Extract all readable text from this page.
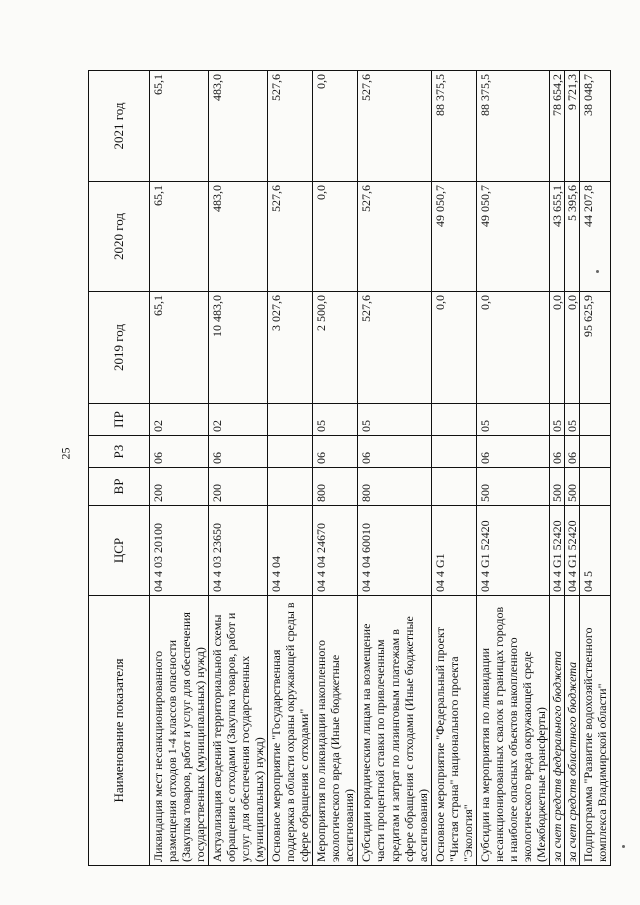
25
Наименование показателя	ЦСР	ВР	РЗ	ПР	2019 год	2020 год	2021 год
Ликвидация мест несанкционированного размещения отходов 1-4 классов опасности (Закупка товаров, работ и услуг для обеспечения государственных (муниципальных) нужд)	04 4 03 20100	200	06	02	65,1	65,1	65,1
Актуализация сведений территориальной схемы обращения с отходами (Закупка товаров, работ и услуг для обеспечения государственных (муниципальных) нужд)	04 4 03 23650	200	06	02	10 483,0	483,0	483,0
Основное мероприятие "Государственная поддержка в области охраны окружающей среды в сфере обращения с отходами"	04 4 04				3 027,6	527,6	527,6
Мероприятия по ликвидации накопленного экологического вреда (Иные бюджетные ассигнования)	04 4 04 24670	800	06	05	2 500,0	0,0	0,0
Субсидии юридическим лицам на возмещение части процентной ставки по привлеченным кредитам и затрат по лизинговым платежам в сфере обращения с отходами (Иные бюджетные ассигнования)	04 4 04 60010	800	06	05	527,6	527,6	527,6
Основное мероприятие "Федеральный проект "Чистая страна" национального проекта "Экология"	04 4 G1				0,0	49 050,7	88 375,5
Субсидии на мероприятия по ликвидации несанкционированных свалок в границах городов и наиболее опасных объектов накопленного экологического вреда окружающей среде (Межбюджетные трансферты)	04 4 G1 52420	500	06	05	0,0	49 050,7	88 375,5
за счет средств федерального бюджета	04 4 G1 52420	500	06	05	0,0	43 655,1	78 654,2
за счет средств областного бюджета	04 4 G1 52420	500	06	05	0,0	5 395,6	9 721,3
Подпрограмма "Развитие водохозяйственного комплекса Владимирской области"	04 5				95 625,9	44 207,8	38 048,7
